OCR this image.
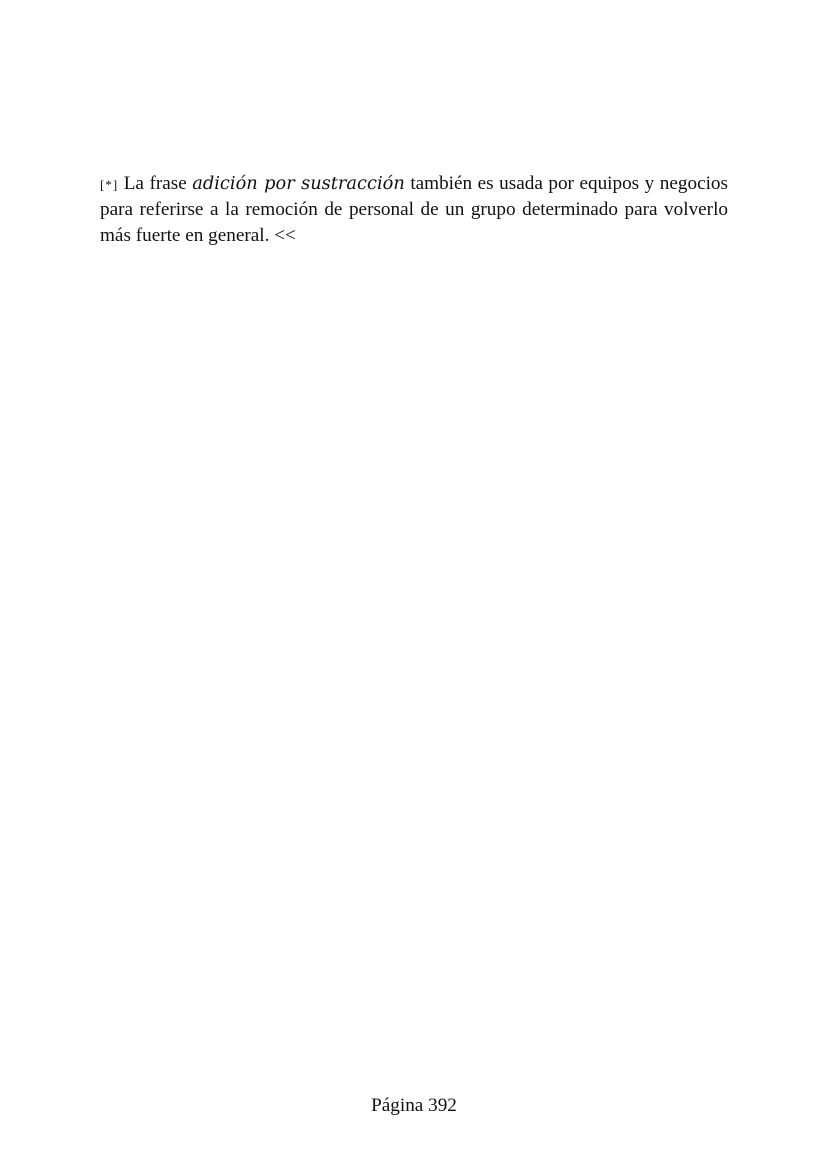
[*] La frase adición por sustracción también es usada por equipos y negocios para referirse a la remoción de personal de un grupo determinado para volverlo más fuerte en general. <<

Página 392
